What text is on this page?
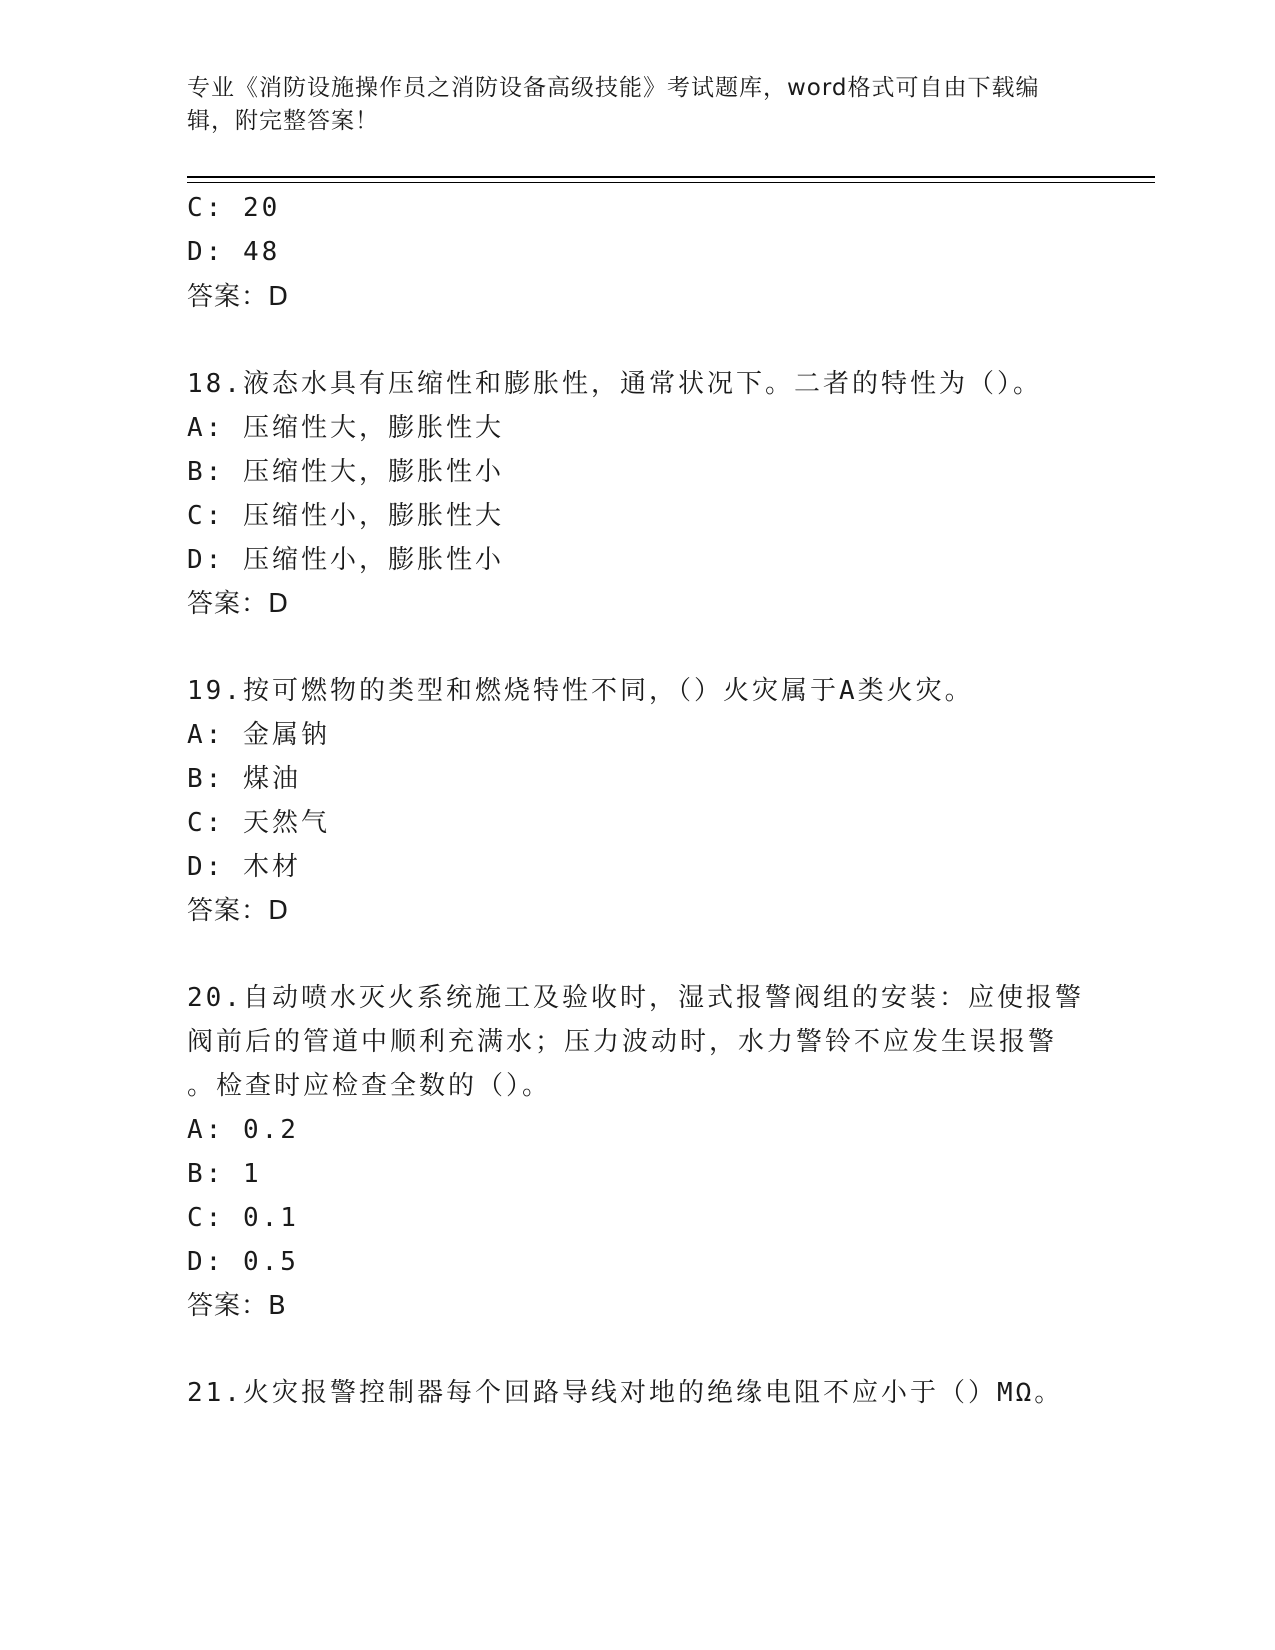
专业《消防设施操作员之消防设备高级技能》考试题库，word格式可自由下载编
辑，附完整答案！
C: 20
D: 48
答案：D
18.液态水具有压缩性和膨胀性，通常状况下。二者的特性为（）。
A: 压缩性大，膨胀性大
B: 压缩性大，膨胀性小
C: 压缩性小，膨胀性大
D: 压缩性小，膨胀性小
答案：D
19.按可燃物的类型和燃烧特性不同，（）火灾属于A类火灾。
A: 金属钠
B: 煤油
C: 天然气
D: 木材
答案：D
20.自动喷水灭火系统施工及验收时，湿式报警阀组的安装：应使报警
阀前后的管道中顺利充满水；压力波动时，水力警铃不应发生误报警
。检查时应检查全数的（）。
A: 0.2
B: 1
C: 0.1
D: 0.5
答案：B
21.火灾报警控制器每个回路导线对地的绝缘电阻不应小于（）MΩ。
